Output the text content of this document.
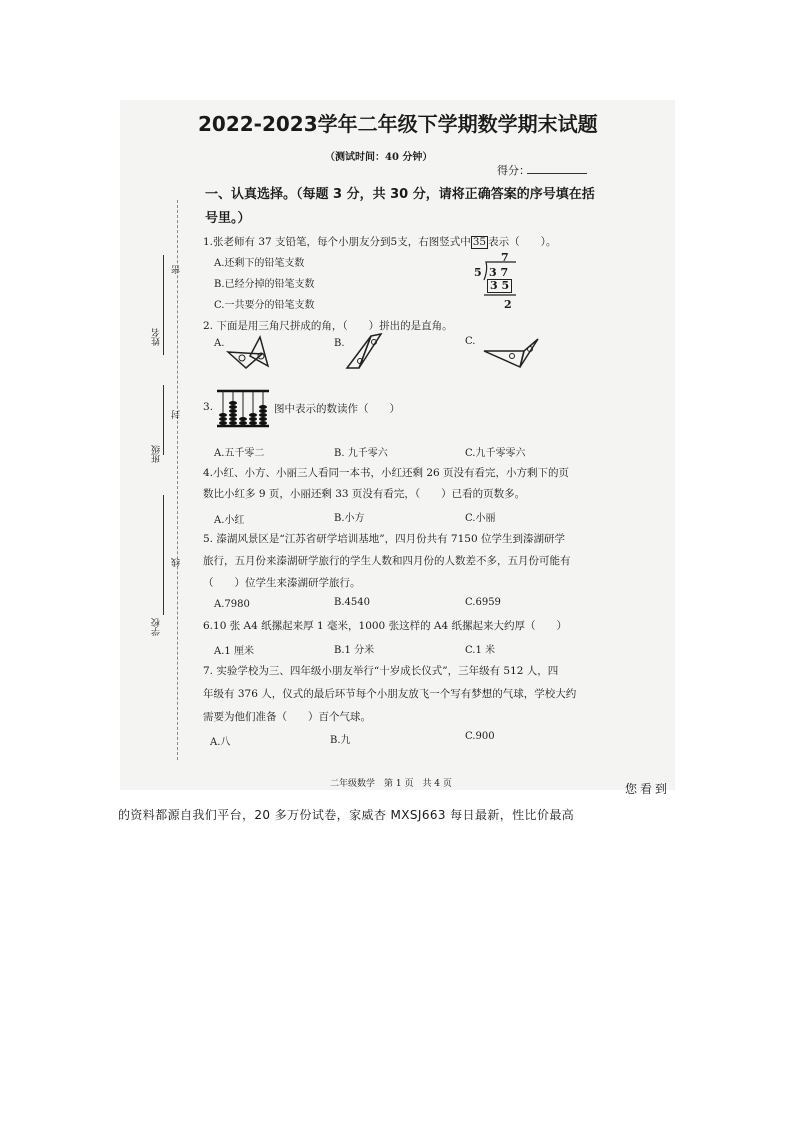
姓名
班级
学校
密
封
线
2022-2023学年二年级下学期数学期末试题
（测试时间：40 分钟）
得分：
一、认真选择。（每题 3 分，共 30 分，请将正确答案的序号填在括
号里。）
1.张老师有 37 支铅笔，每个小朋友分到5支，右图竖式中 35 表示（　　）。
A.还剩下的铅笔支数
B.已经分掉的铅笔支数
C.一共要分的铅笔支数
7
5 3 7
3 5
2
2. 下面是用三角尺拼成的角，（　　）拼出的是直角。
A.	B.	C.
3.	图中表示的数读作（　　）
A.五千零二	B. 九千零六	C.九千零零六
4.小红、小方、小丽三人看同一本书，小红还剩 26 页没有看完，小方剩下的页
数比小红多 9 页，小丽还剩 33 页没有看完，（　　）已看的页数多。
A.小红	B.小方	C.小丽
5. 溱湖风景区是“江苏省研学培训基地”，四月份共有 7150 位学生到溱湖研学
旅行，五月份来溱湖研学旅行的学生人数和四月份的人数差不多，五月份可能有
（　　）位学生来溱湖研学旅行。
A.7980	B.4540	C.6959
6.10 张 A4 纸摞起来厚 1 毫米，1000 张这样的 A4 纸摞起来大约厚（　　）
A.1 厘米	B.1 分米	C.1 米
7. 实验学校为三、四年级小朋友举行“十岁成长仪式”，三年级有 512 人，四
年级有 376 人，仪式的最后环节每个小朋友放飞一个写有梦想的气球，学校大约
需要为他们准备（　　）百个气球。
A.八	B.九	C.900
二年级数学　第 1 页　共 4 页	您看到
的资料都源自我们平台，20 多万份试卷，家威杏 MXSJ663 每日最新，性比价最高
